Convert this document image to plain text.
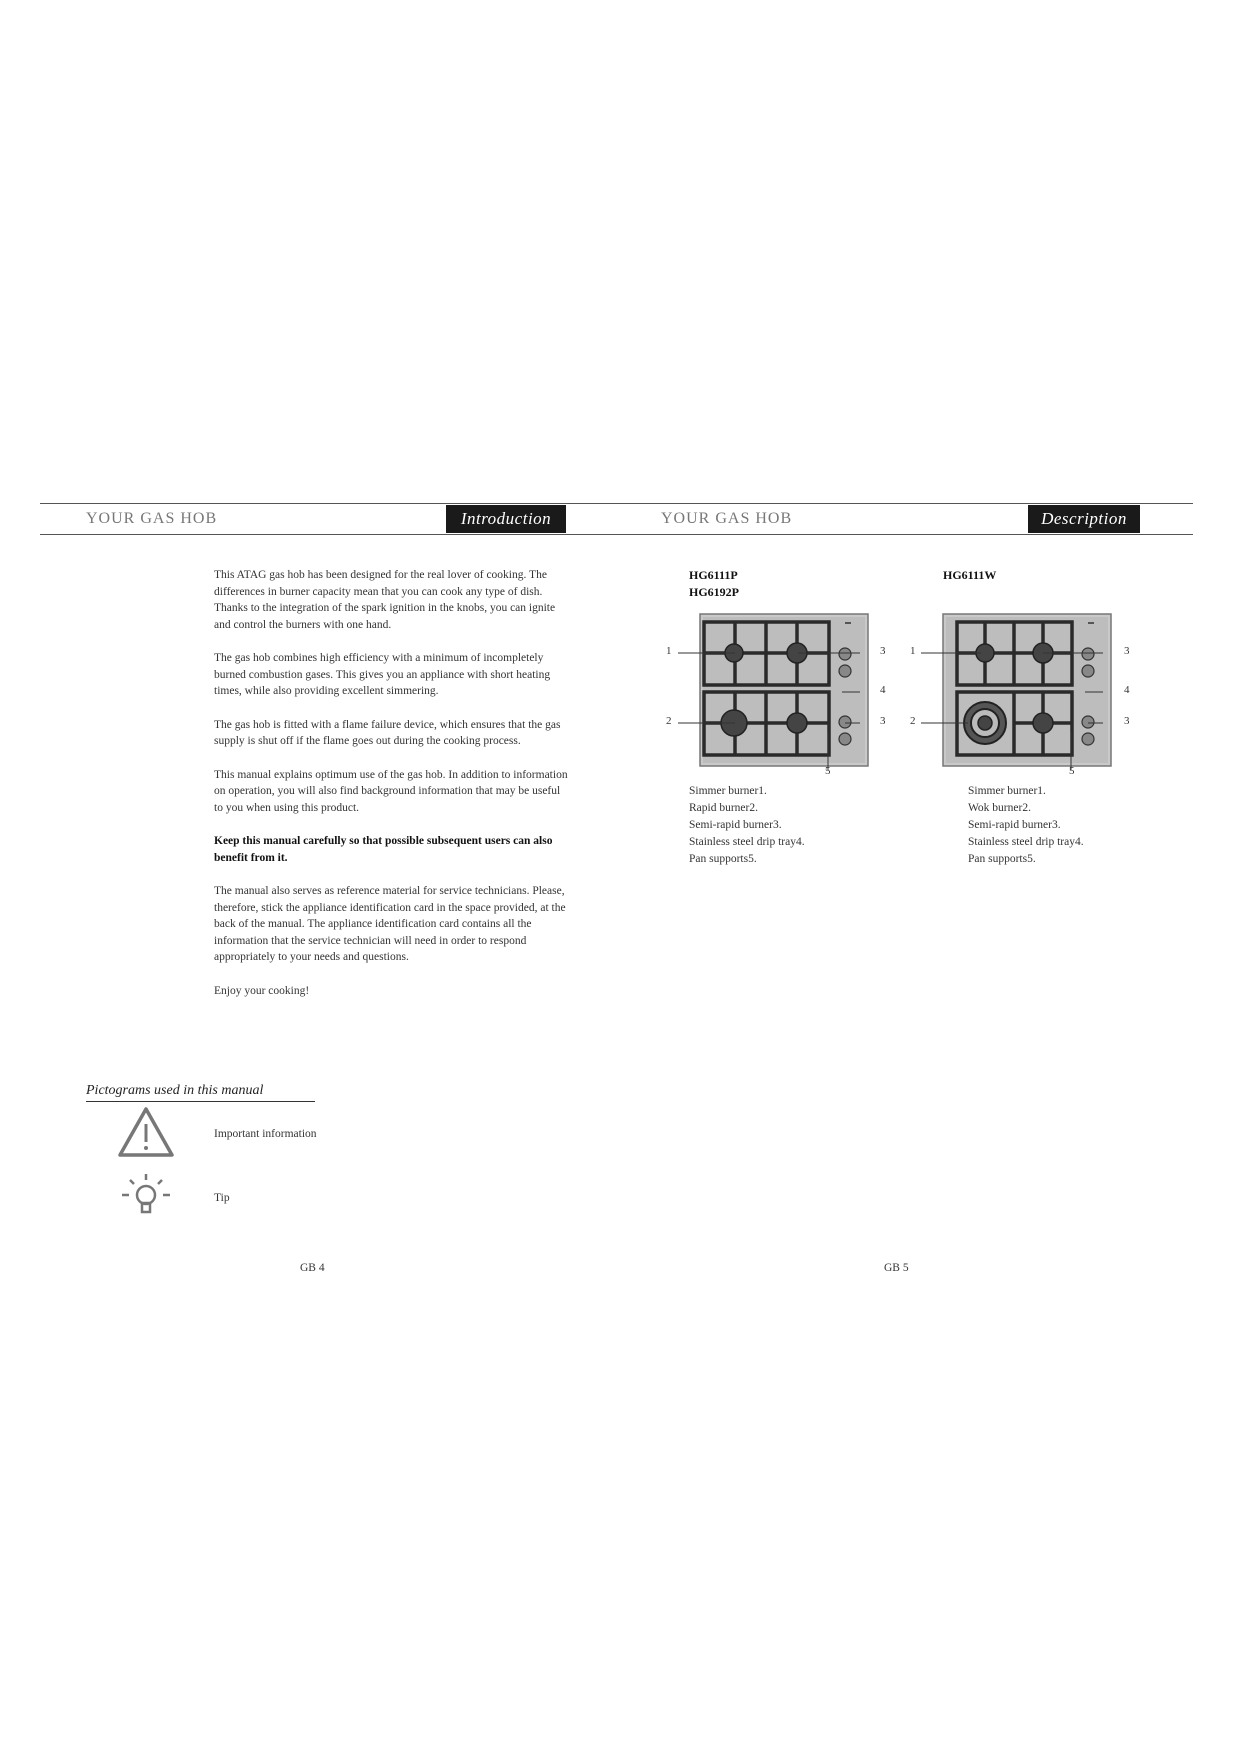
YOUR GAS HOB	Introduction	YOUR GAS HOB	Description

This ATAG gas hob has been designed for the real lover of cooking. The differences in burner capacity mean that you can cook any type of dish. Thanks to the integration of the spark ignition in the knobs, you can ignite and control the burners with one hand.

The gas hob combines high efficiency with a minimum of incompletely burned combustion gases. This gives you an appliance with short heating times, while also providing excellent simmering.

The gas hob is fitted with a flame failure device, which ensures that the gas supply is shut off if the flame goes out during the cooking process.

This manual explains optimum use of the gas hob. In addition to information on operation, you will also find background information that may be useful to you when using this product.

Keep this manual carefully so that possible subsequent users can also benefit from it.

The manual also serves as reference material for service technicians. Please, therefore, stick the appliance identification card in the space provided, at the back of the manual. The appliance identification card contains all the information that the service technician will need in order to respond appropriately to your needs and questions.

Enjoy your cooking!

Pictograms used in this manual
Important information
Tip
GB 4	GB 5
HG6111P
HG6192P
HG6111W
1	3
4
2	3
5
1	3
4
2	3
5
Simmer burner1.
Rapid burner2.
Semi-rapid burner3.
Stainless steel drip tray4.
Pan supports5.
Simmer burner1.
Wok burner2.
Semi-rapid burner3.
Stainless steel drip tray4.
Pan supports5.
